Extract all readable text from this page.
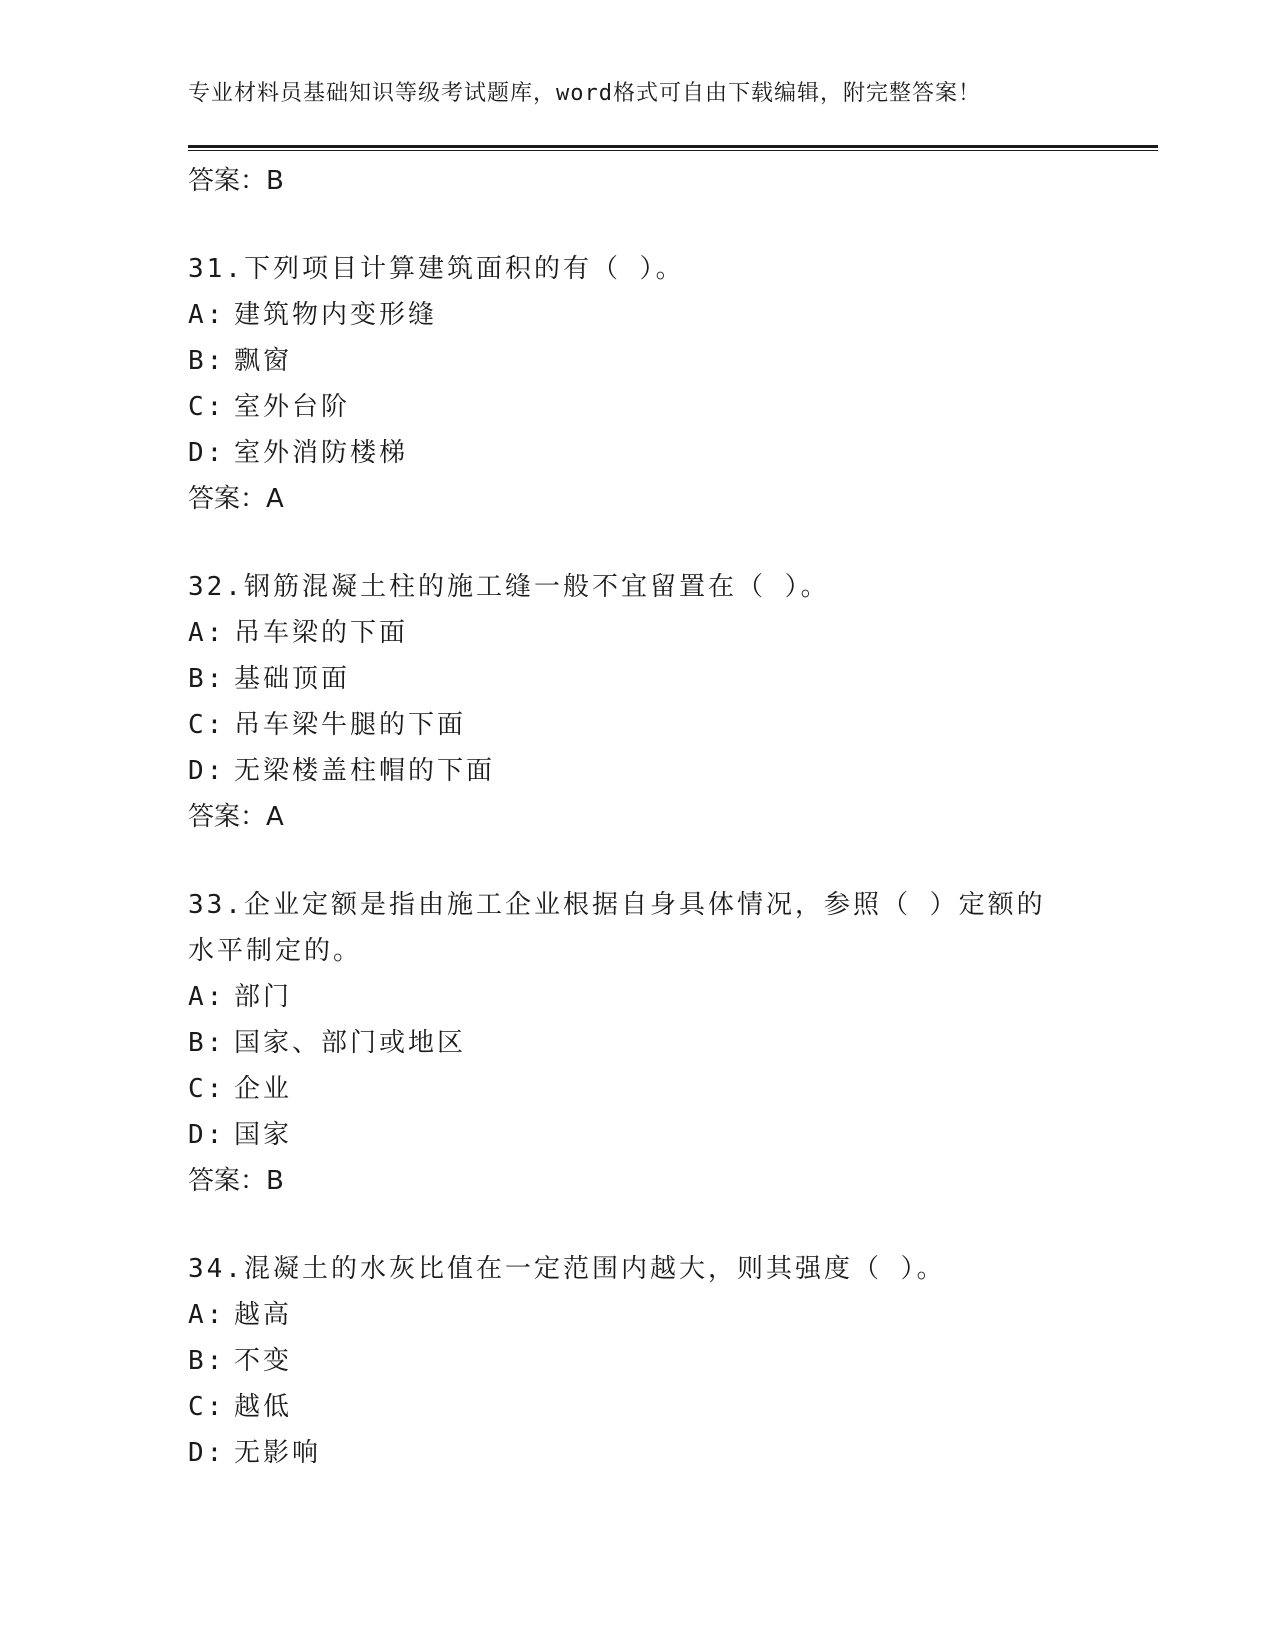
专业材料员基础知识等级考试题库，word格式可自由下载编辑，附完整答案！
答案：B
31.下列项目计算建筑面积的有（ ）。
A: 建筑物内变形缝
B: 飘窗
C: 室外台阶
D: 室外消防楼梯
答案：A
32.钢筋混凝土柱的施工缝一般不宜留置在（ ）。
A: 吊车梁的下面
B: 基础顶面
C: 吊车梁牛腿的下面
D: 无梁楼盖柱帽的下面
答案：A
33.企业定额是指由施工企业根据自身具体情况，参照（ ）定额的水平制定的。
A: 部门
B: 国家、部门或地区
C: 企业
D: 国家
答案：B
34.混凝土的水灰比值在一定范围内越大，则其强度（ ）。
A: 越高
B: 不变
C: 越低
D: 无影响
